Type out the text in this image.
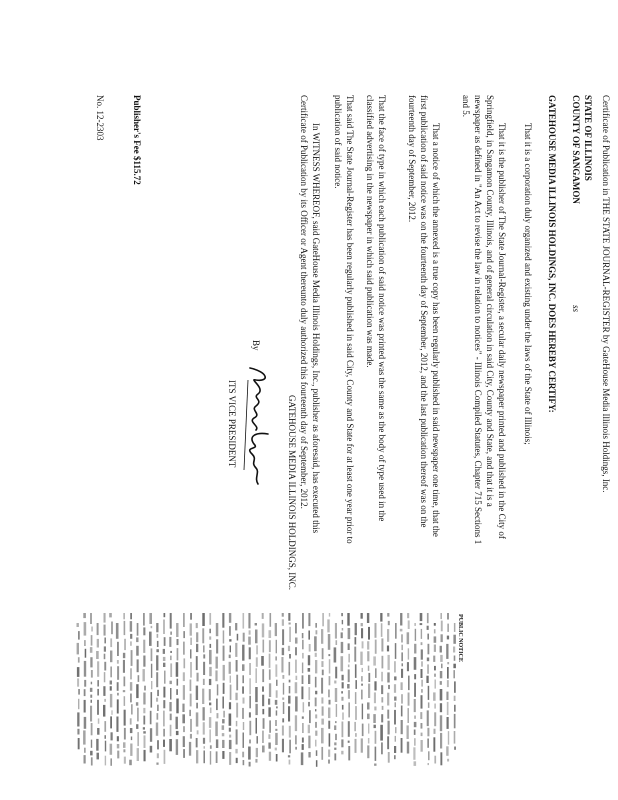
Certificate of Publication in THE STATE JOURNAL-REGISTER by GateHouse Media Illinois Holdings, Inc.
STATE OF ILLINOIS
COUNTY OF SANGAMON
ss
GATEHOUSE MEDIA ILLINOIS HOLDINGS, INC. DOES HEREBY CERTIFY:
That it is a corporation duly organized and existing under the laws of the State of Illinois;
That it is the publisher of The State Journal-Register, a secular daily newspaper printed and published in the City of
Springfield, in Sangamon County, Illinois, and of general circulation in said City, County and State, and that it is a
newspaper as defined in "An Act to revise the law in relation to notices" - Illinois Compiled Statutes, Chapter 715 Sections 1
and 5.
That a notice of which the annexed is a true copy has been regularly published in said newspaper one time, that the
first publication of said notice was on the fourteenth day of September, 2012, and the last publication thereof was on the
fourteenth day of September, 2012.
That the face of type in which each publication of said notice was printed was the same as the body of type used in the
classified advertising in the newspaper in which said publication was made.
That said The State Journal-Register has been regularly published in said City, County and State for at least one year prior to
publication of said notice.
In WITNESS WHEREOF, said GateHouse Media Illinois Holdings, Inc., publisher as aforesaid, has executed this
Certificate of Publication by its Officer or Agent thereunto duly authorized this fourteenth day of September, 2012.
GATEHOUSE MEDIA ILLINOIS HOLDINGS, INC.
By
ITS VICE PRESIDENT
Publisher's Fee $115.72
No. 12-2303
PUBLIC NOTICE
